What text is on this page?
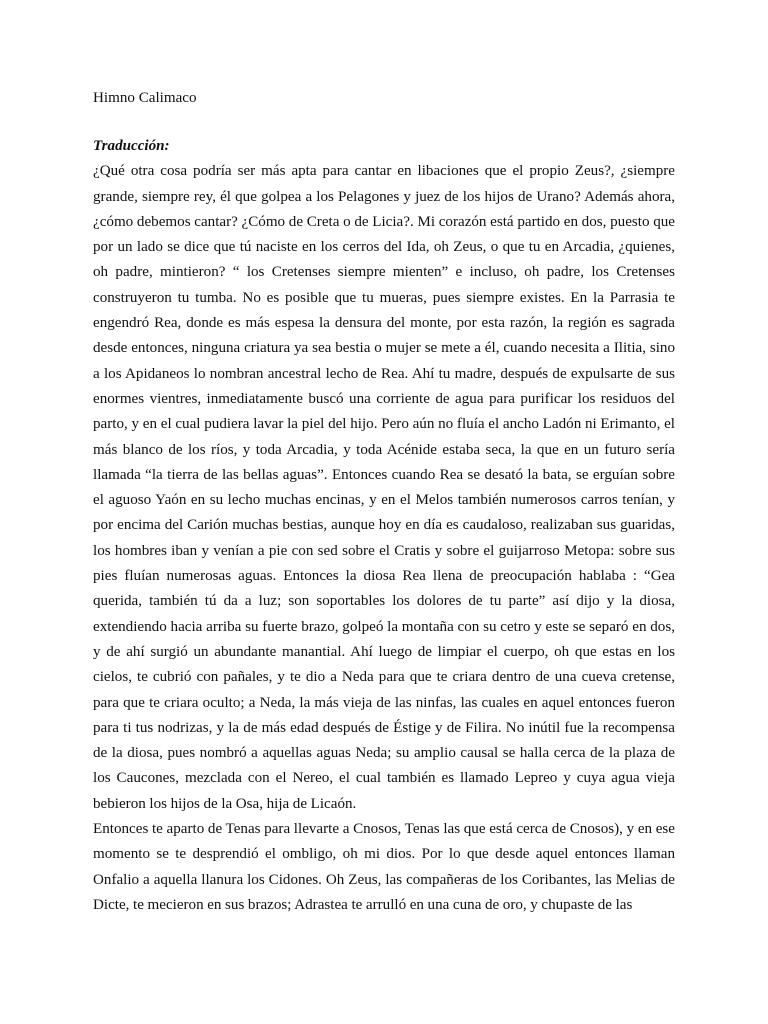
Himno Calimaco

Traducción:

¿Qué otra cosa podría ser más apta para cantar en libaciones que el propio Zeus?, ¿siempre grande, siempre rey, él que golpea a los Pelagones y juez de los hijos de Urano? Además ahora, ¿cómo debemos cantar? ¿Cómo de Creta o de Licia?. Mi corazón está partido en dos, puesto que por un lado se dice que tú naciste en los cerros del Ida, oh Zeus, o que tu en Arcadia, ¿quienes, oh padre, mintieron? “ los Cretenses siempre mienten” e incluso, oh padre, los Cretenses construyeron tu tumba. No es posible que tu mueras, pues siempre existes. En la Parrasia te engendró Rea, donde es más espesa la densura del monte, por esta razón, la región es sagrada desde entonces, ninguna criatura ya sea bestia o mujer se mete a él, cuando necesita a Ilitia, sino a los Apidaneos lo nombran ancestral lecho de Rea. Ahí tu madre, después de expulsarte de sus enormes vientres, inmediatamente buscó una corriente de agua para purificar los residuos del parto, y en el cual pudiera lavar la piel del hijo. Pero aún no fluía el ancho Ladón ni Erimanto, el más blanco de los ríos, y toda Arcadia, y toda Acénide estaba seca, la que en un futuro sería llamada “la tierra de las bellas aguas”. Entonces cuando Rea se desató la bata, se erguían sobre el aguoso Yaón en su lecho muchas encinas, y en el Melos también numerosos carros tenían, y por encima del Carión muchas bestias, aunque hoy en día es caudaloso, realizaban sus guaridas, los hombres iban y venían a pie con sed sobre el Cratis y sobre el guijarroso Metopa: sobre sus pies fluían numerosas aguas. Entonces la diosa Rea llena de preocupación hablaba : “Gea querida, también tú da a luz; son soportables los dolores de tu parte” así dijo y la diosa, extendiendo hacia arriba su fuerte brazo, golpeó la montaña con su cetro y este se separó en dos, y de ahí surgió un abundante manantial. Ahí luego de limpiar el cuerpo, oh que estas en los cielos, te cubrió con pañales, y te dio a Neda para que te criara dentro de una cueva cretense, para que te criara oculto; a Neda, la más vieja de las ninfas, las cuales en aquel entonces fueron para ti tus nodrizas, y la de más edad después de Éstige y de Filira. No inútil fue la recompensa de la diosa, pues nombró a aquellas aguas Neda; su amplio causal se halla cerca de la plaza de los Caucones, mezclada con el Nereo, el cual también es llamado Lepreo y cuya agua vieja bebieron los hijos de la Osa, hija de Licaón.

Entonces te aparto de Tenas para llevarte a Cnosos, Tenas las que está cerca de Cnosos), y en ese momento se te desprendió el ombligo, oh mi dios. Por lo que desde aquel entonces llaman Onfalio a aquella llanura los Cidones. Oh Zeus, las compañeras de los Coribantes, las Melias de Dicte, te mecieron en sus brazos; Adrastea te arrulló en una cuna de oro, y chupaste de las
